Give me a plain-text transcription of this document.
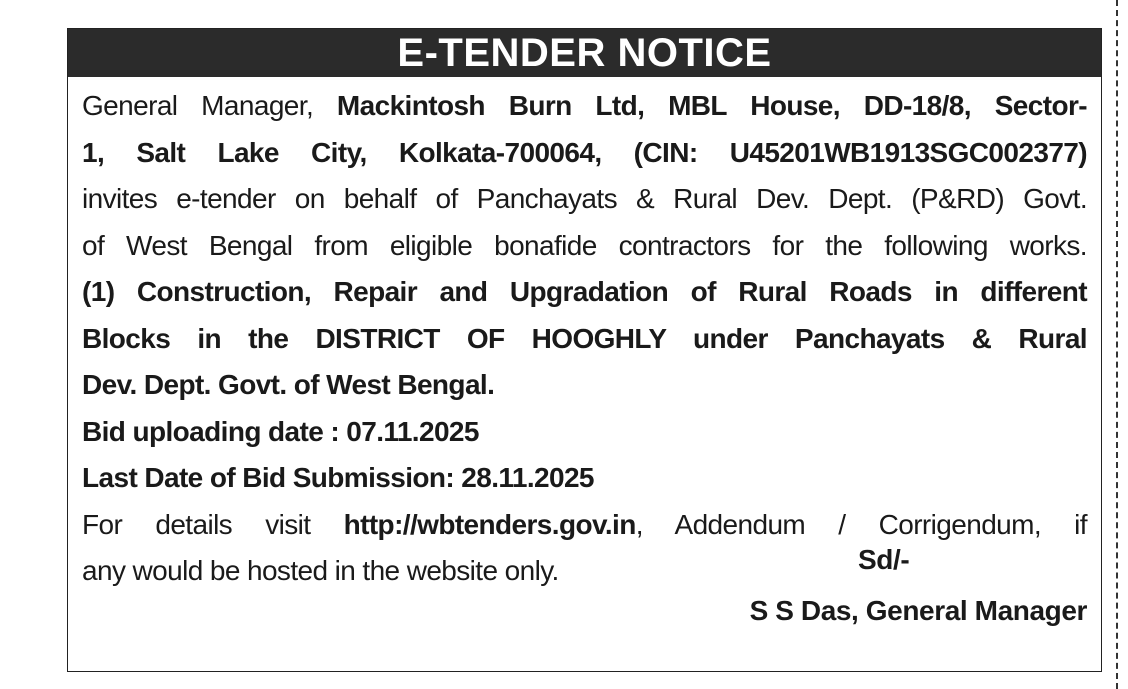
E-TENDER NOTICE

General Manager, Mackintosh Burn Ltd, MBL House, DD-18/8, Sector-

1, Salt Lake City, Kolkata-700064, (CIN: U45201WB1913SGC002377)

invites e-tender on behalf of Panchayats & Rural Dev. Dept. (P&RD) Govt.

of West Bengal from eligible bonafide contractors for the following works.

(1) Construction, Repair and Upgradation of Rural Roads in different

Blocks in the DISTRICT OF HOOGHLY under Panchayats & Rural

Dev. Dept. Govt. of West Bengal.

Bid uploading date : 07.11.2025

Last Date of Bid Submission: 28.11.2025

For details visit http://wbtenders.gov.in, Addendum / Corrigendum, if

any would be hosted in the website only.	Sd/-
S S Das, General Manager
